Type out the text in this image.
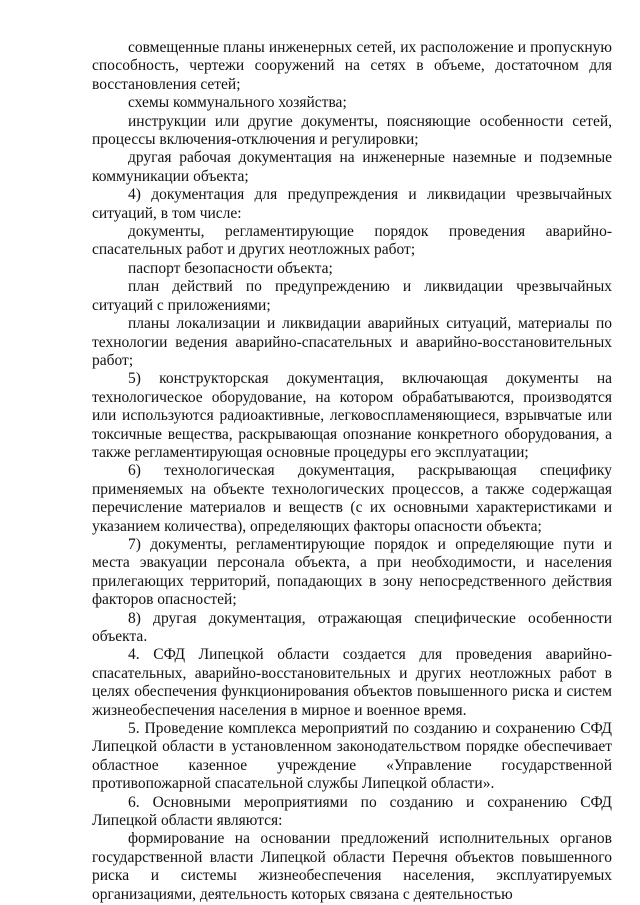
совмещенные планы инженерных сетей, их расположение и пропускную способность, чертежи сооружений на сетях в объеме, достаточном для восстановления сетей;

схемы коммунального хозяйства;

инструкции или другие документы, поясняющие особенности сетей, процессы включения-отключения и регулировки;

другая рабочая документация на инженерные наземные и подземные коммуникации объекта;

4) документация для предупреждения и ликвидации чрезвычайных ситуаций, в том числе:

документы, регламентирующие порядок проведения аварийно-спасательных работ и других неотложных работ;

паспорт безопасности объекта;

план действий по предупреждению и ликвидации чрезвычайных ситуаций с приложениями;

планы локализации и ликвидации аварийных ситуаций, материалы по технологии ведения аварийно-спасательных и аварийно-восстановительных работ;

5) конструкторская документация, включающая документы на технологическое оборудование, на котором обрабатываются, производятся или используются радиоактивные, легковоспламеняющиеся, взрывчатые или токсичные вещества, раскрывающая опознание конкретного оборудования, а также регламентирующая основные процедуры его эксплуатации;

6) технологическая документация, раскрывающая специфику применяемых на объекте технологических процессов, а также содержащая перечисление материалов и веществ (с их основными характеристиками и указанием количества), определяющих факторы опасности объекта;

7) документы, регламентирующие порядок и определяющие пути и места эвакуации персонала объекта, а при необходимости, и населения прилегающих территорий, попадающих в зону непосредственного действия факторов опасностей;

8) другая документация, отражающая специфические особенности объекта.

4. СФД Липецкой области создается для проведения аварийно-спасательных, аварийно-восстановительных и других неотложных работ в целях обеспечения функционирования объектов повышенного риска и систем жизнеобеспечения населения в мирное и военное время.

5. Проведение комплекса мероприятий по созданию и сохранению СФД Липецкой области в установленном законодательством порядке обеспечивает областное казенное учреждение «Управление государственной противопожарной спасательной службы Липецкой области».

6. Основными мероприятиями по созданию и сохранению СФД Липецкой области являются:

формирование на основании предложений исполнительных органов государственной власти Липецкой области Перечня объектов повышенного риска и системы жизнеобеспечения населения, эксплуатируемых организациями, деятельность которых связана с деятельностью
